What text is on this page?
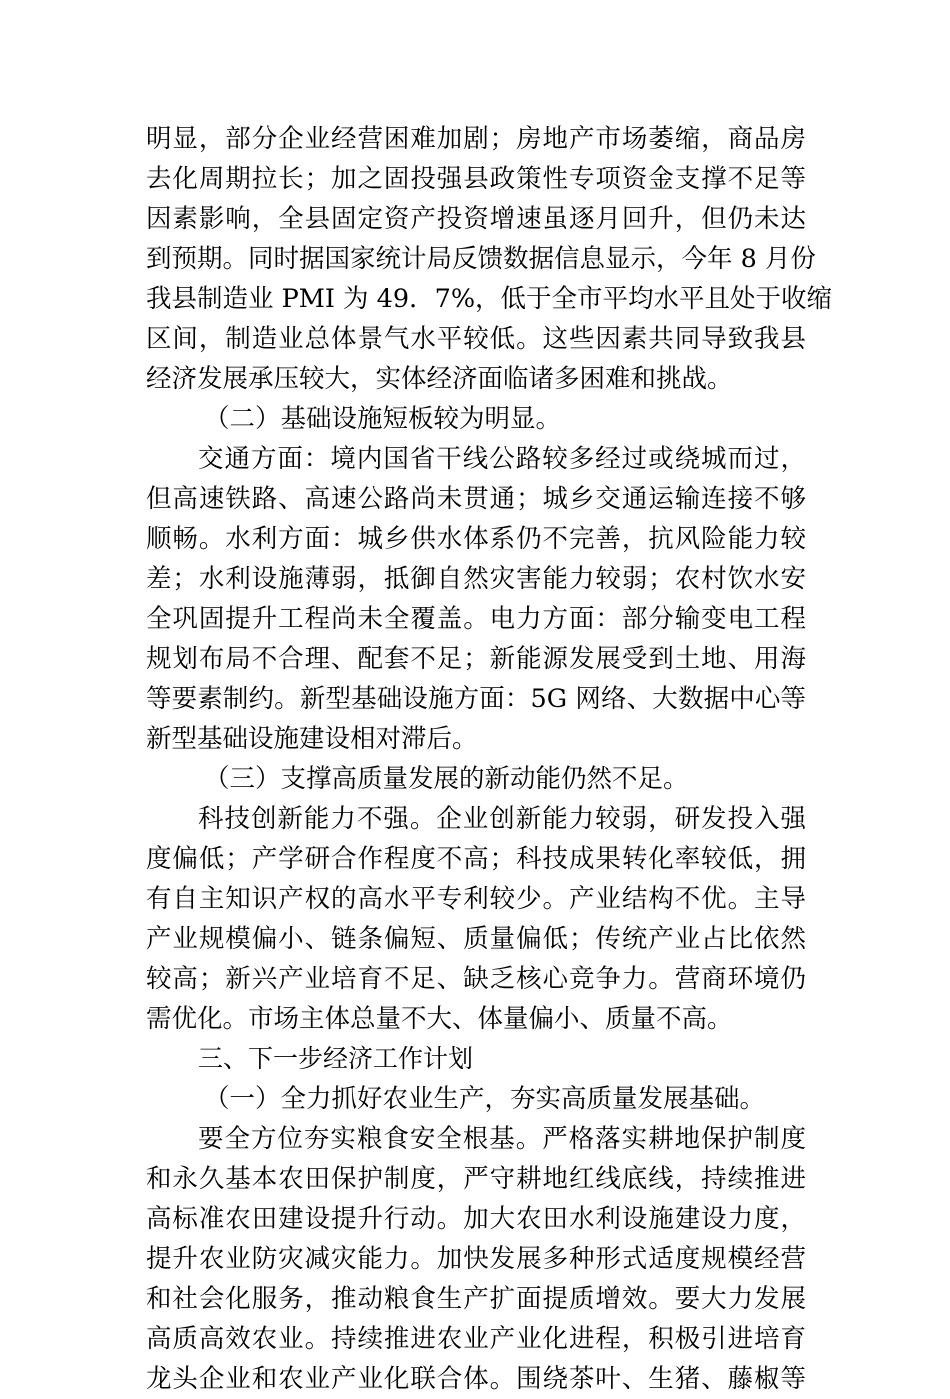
明显，部分企业经营困难加剧；房地产市场萎缩，商品房
去化周期拉长；加之固投强县政策性专项资金支撑不足等
因素影响，全县固定资产投资增速虽逐月回升，但仍未达
到预期。同时据国家统计局反馈数据信息显示，今年 8 月份
我县制造业 PMI 为 49．7%，低于全市平均水平且处于收缩
区间，制造业总体景气水平较低。这些因素共同导致我县
经济发展承压较大，实体经济面临诸多困难和挑战。
（二）基础设施短板较为明显。
交通方面：境内国省干线公路较多经过或绕城而过，
但高速铁路、高速公路尚未贯通；城乡交通运输连接不够
顺畅。水利方面：城乡供水体系仍不完善，抗风险能力较
差；水利设施薄弱，抵御自然灾害能力较弱；农村饮水安
全巩固提升工程尚未全覆盖。电力方面：部分输变电工程
规划布局不合理、配套不足；新能源发展受到土地、用海
等要素制约。新型基础设施方面：5G 网络、大数据中心等
新型基础设施建设相对滞后。
（三）支撑高质量发展的新动能仍然不足。
科技创新能力不强。企业创新能力较弱，研发投入强
度偏低；产学研合作程度不高；科技成果转化率较低，拥
有自主知识产权的高水平专利较少。产业结构不优。主导
产业规模偏小、链条偏短、质量偏低；传统产业占比依然
较高；新兴产业培育不足、缺乏核心竞争力。营商环境仍
需优化。市场主体总量不大、体量偏小、质量不高。
三、下一步经济工作计划
（一）全力抓好农业生产，夯实高质量发展基础。
要全方位夯实粮食安全根基。严格落实耕地保护制度
和永久基本农田保护制度，严守耕地红线底线，持续推进
高标准农田建设提升行动。加大农田水利设施建设力度，
提升农业防灾减灾能力。加快发展多种形式适度规模经营
和社会化服务，推动粮食生产扩面提质增效。要大力发展
高质高效农业。持续推进农业产业化进程，积极引进培育
龙头企业和农业产业化联合体。围绕茶叶、生猪、藤椒等
